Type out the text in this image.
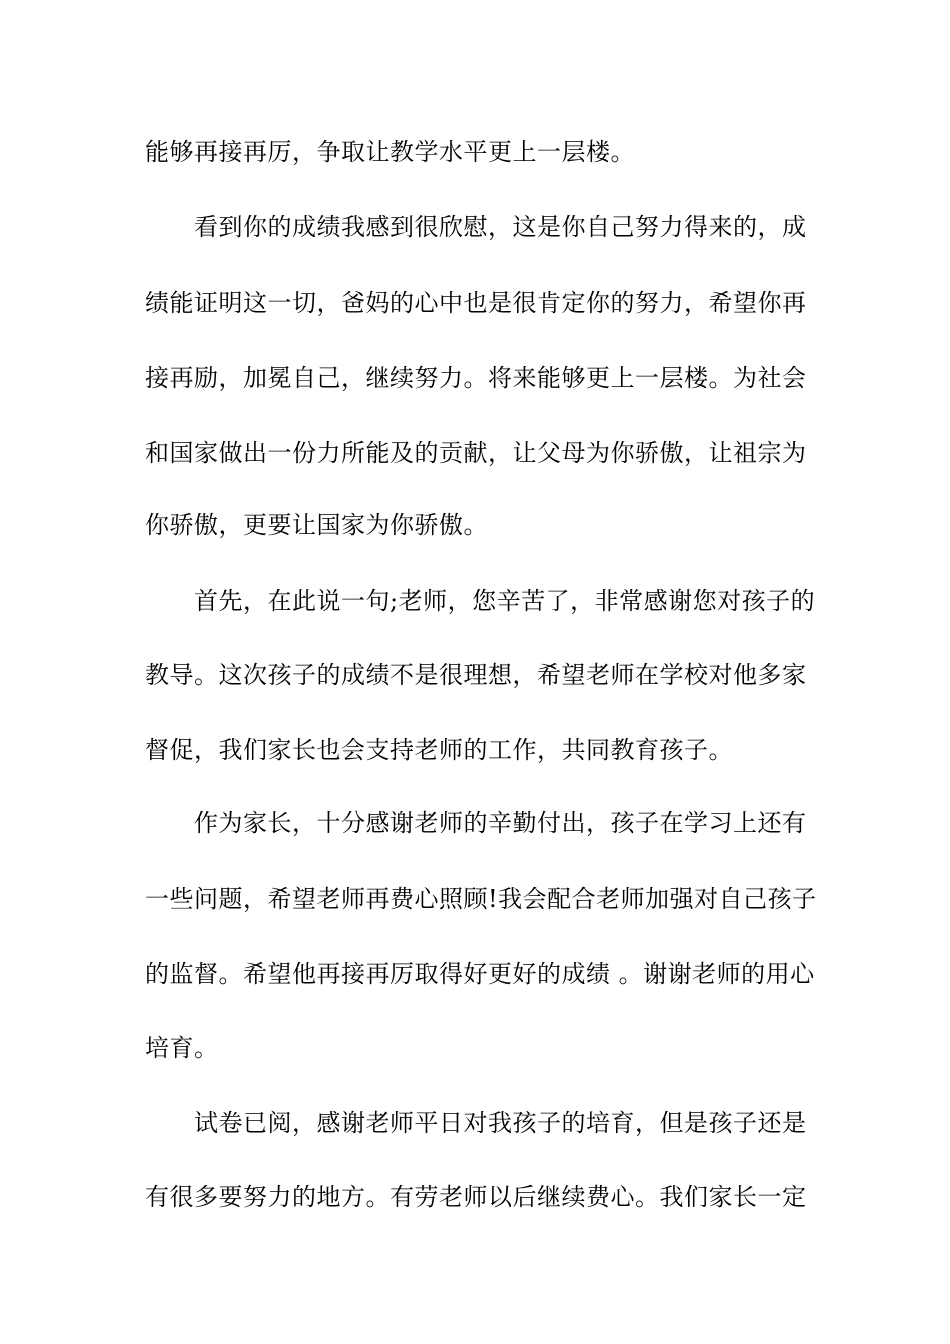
能够再接再厉，争取让教学水平更上一层楼。
看到你的成绩我感到很欣慰，这是你自己努力得来的，成
绩能证明这一切，爸妈的心中也是很肯定你的努力，希望你再
接再励，加冕自己，继续努力。将来能够更上一层楼。为社会
和国家做出一份力所能及的贡献，让父母为你骄傲，让祖宗为
你骄傲，更要让国家为你骄傲。
首先，在此说一句;老师，您辛苦了，非常感谢您对孩子的
教导。这次孩子的成绩不是很理想，希望老师在学校对他多家
督促，我们家长也会支持老师的工作，共同教育孩子。
作为家长，十分感谢老师的辛勤付出，孩子在学习上还有
一些问题，希望老师再费心照顾!我会配合老师加强对自己孩子
的监督。希望他再接再厉取得好更好的成绩 。谢谢老师的用心
培育。
试卷已阅，感谢老师平日对我孩子的培育，但是孩子还是
有很多要努力的地方。有劳老师以后继续费心。我们家长一定
